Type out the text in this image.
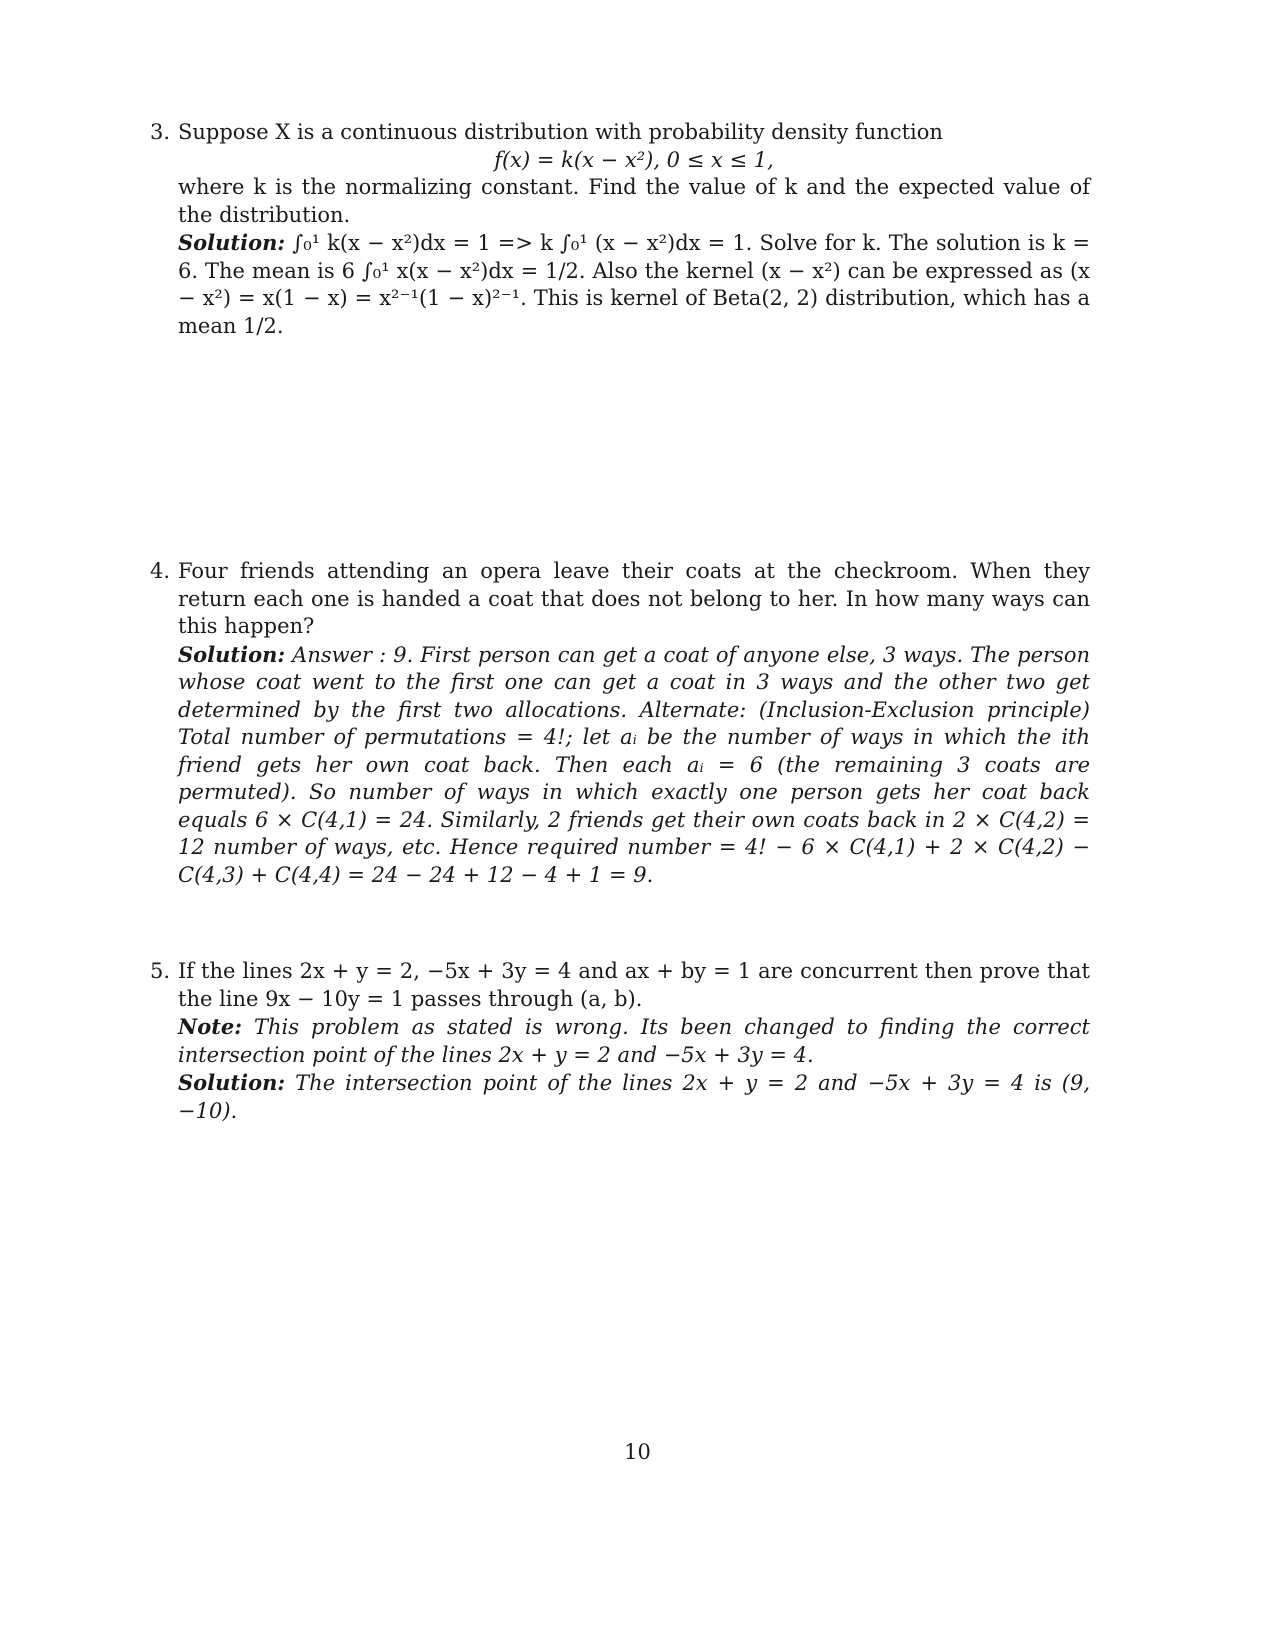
3. Suppose X is a continuous distribution with probability density function

f(x) = k(x − x²), 0 ≤ x ≤ 1,

where k is the normalizing constant. Find the value of k and the expected value of the distribution.

Solution: ∫₀¹ k(x − x²)dx = 1 => k ∫₀¹ (x − x²)dx = 1. Solve for k. The solution is k = 6. The mean is 6 ∫₀¹ x(x − x²)dx = 1/2. Also the kernel (x − x²) can be expressed as (x − x²) = x(1 − x) = x²⁻¹(1 − x)²⁻¹. This is kernel of Beta(2, 2) distribution, which has a mean 1/2.

4. Four friends attending an opera leave their coats at the checkroom. When they return each one is handed a coat that does not belong to her. In how many ways can this happen?

Solution: Answer : 9. First person can get a coat of anyone else, 3 ways. The person whose coat went to the first one can get a coat in 3 ways and the other two get determined by the first two allocations. Alternate: (Inclusion-Exclusion principle) Total number of permutations = 4!; let aᵢ be the number of ways in which the ith friend gets her own coat back. Then each aᵢ = 6 (the remaining 3 coats are permuted). So number of ways in which exactly one person gets her coat back equals 6 × C(4,1) = 24. Similarly, 2 friends get their own coats back in 2 × C(4,2) = 12 number of ways, etc. Hence required number = 4! − 6 × C(4,1) + 2 × C(4,2) − C(4,3) + C(4,4) = 24 − 24 + 12 − 4 + 1 = 9.

5. If the lines 2x + y = 2, −5x + 3y = 4 and ax + by = 1 are concurrent then prove that the line 9x − 10y = 1 passes through (a, b).

Note: This problem as stated is wrong. Its been changed to finding the correct intersection point of the lines 2x + y = 2 and −5x + 3y = 4.

Solution: The intersection point of the lines 2x + y = 2 and −5x + 3y = 4 is (9, −10).

10
